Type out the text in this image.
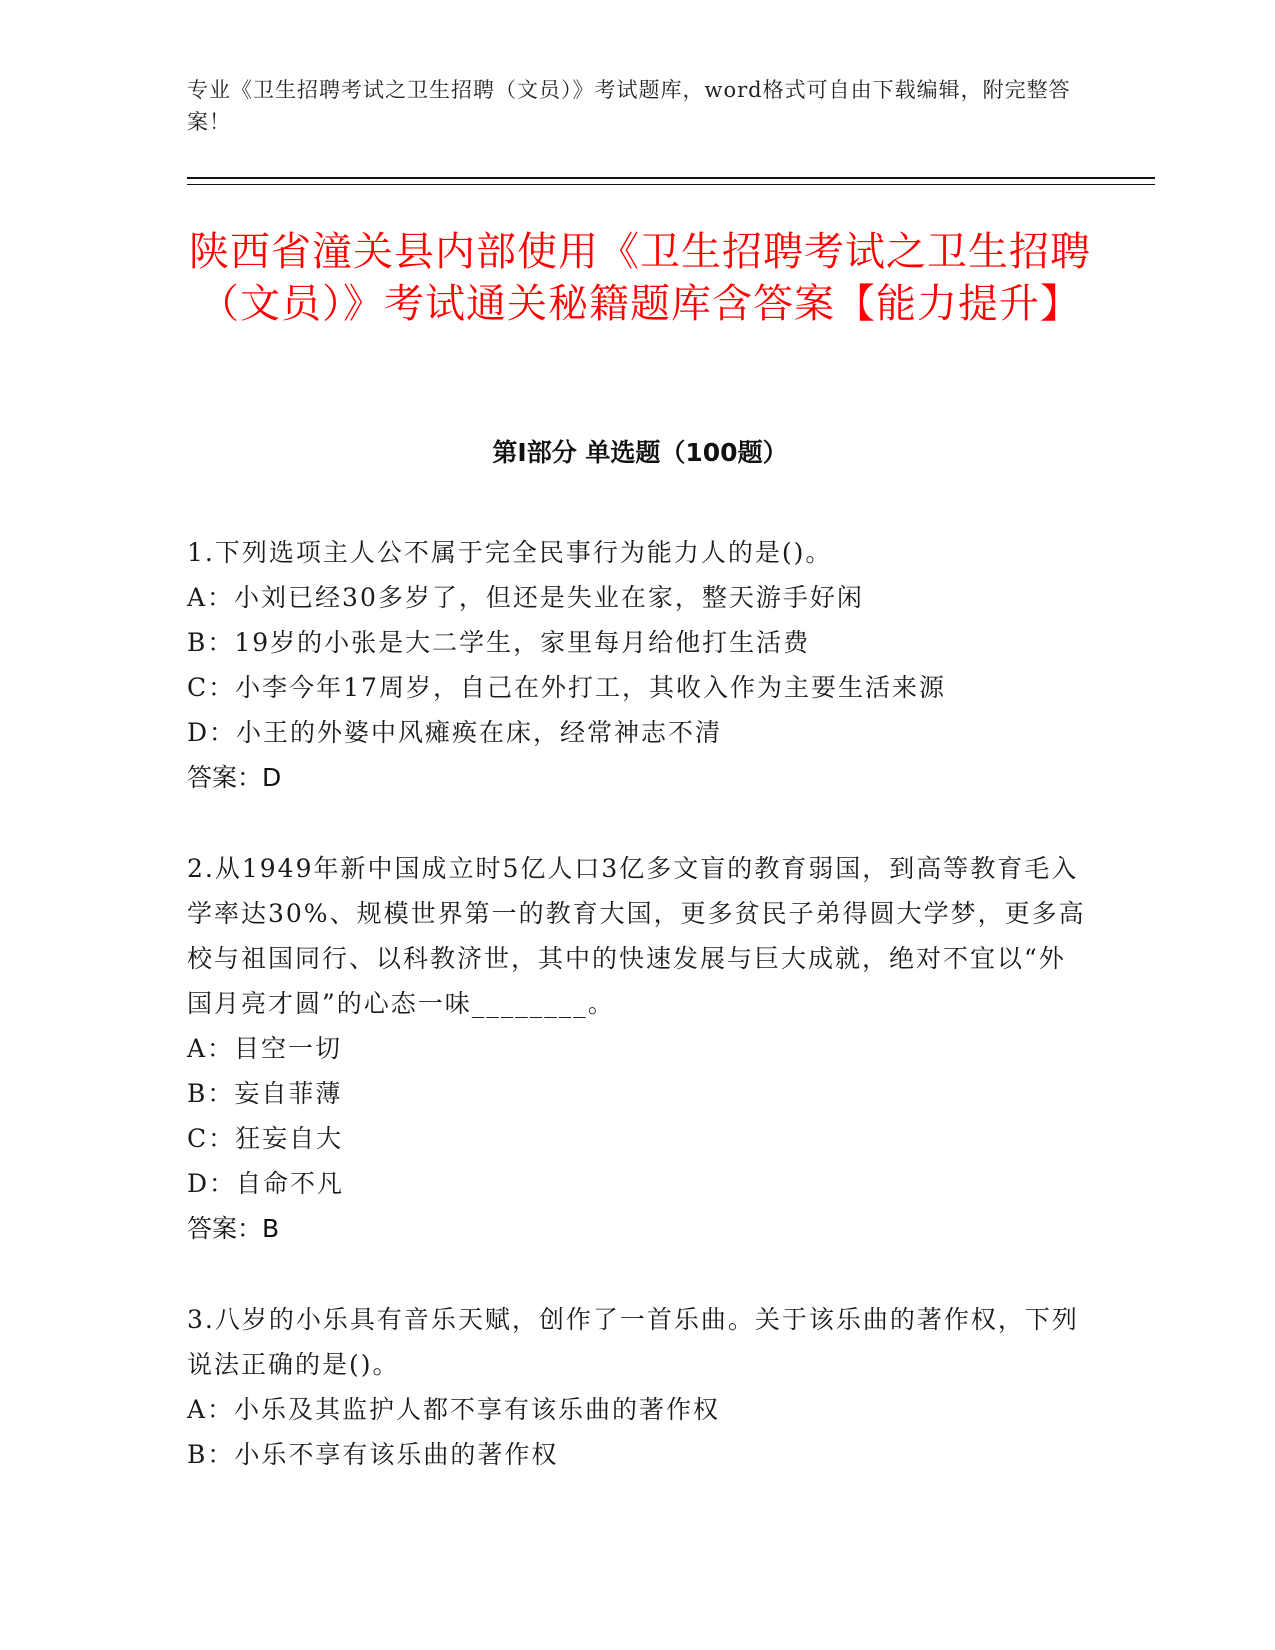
专业《卫生招聘考试之卫生招聘（文员）》考试题库，word格式可自由下载编辑，附完整答案！
陕西省潼关县内部使用《卫生招聘考试之卫生招聘（文员）》考试通关秘籍题库含答案【能力提升】
第I部分 单选题（100题）

1.下列选项主人公不属于完全民事行为能力人的是()。

A：小刘已经30多岁了，但还是失业在家，整天游手好闲

B：19岁的小张是大二学生，家里每月给他打生活费

C：小李今年17周岁，自己在外打工，其收入作为主要生活来源

D：小王的外婆中风瘫痪在床，经常神志不清

答案：D

2.从1949年新中国成立时5亿人口3亿多文盲的教育弱国，到高等教育毛入学率达30%、规模世界第一的教育大国，更多贫民子弟得圆大学梦，更多高校与祖国同行、以科教济世，其中的快速发展与巨大成就，绝对不宜以“外国月亮才圆”的心态一味________。

A：目空一切

B：妄自菲薄

C：狂妄自大

D：自命不凡

答案：B

3.八岁的小乐具有音乐天赋，创作了一首乐曲。关于该乐曲的著作权，下列说法正确的是()。

A：小乐及其监护人都不享有该乐曲的著作权

B：小乐不享有该乐曲的著作权
